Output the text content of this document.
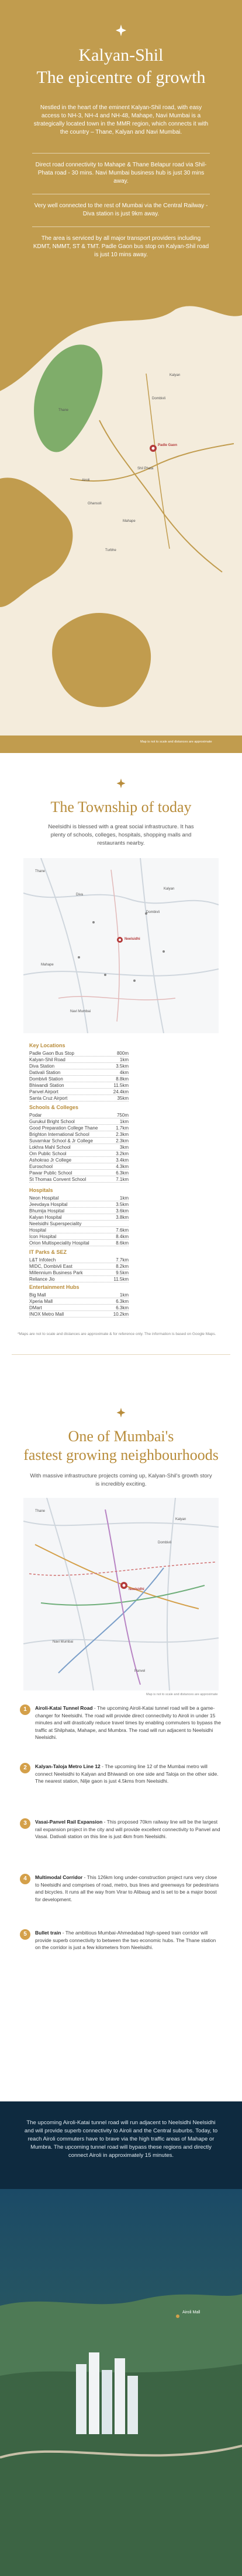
Kalyan-Shil
The epicentre of growth
Nestled in the heart of the eminent Kalyan-Shil road, with easy access to NH-3, NH-4 and NH-48, Mahape, Navi Mumbai is a strategically located town in the MMR region, which connects it with the country – Thane, Kalyan and Navi Mumbai.
Direct road connectivity to Mahape & Thane Belapur road via Shil-Phata road - 30 mins. Navi Mumbai business hub is just 30 mins away.
Very well connected to the rest of Mumbai via the Central Railway - Diva station is just 9km away.
The area is serviced by all major transport providers including KDMT, NMMT, ST & TMT. Padle Gaon bus stop on Kalyan-Shil road is just 10 mins away.
Kalyan
Dombivli
Padle Gaon
Shil Phata
Thane
Airoli
Ghansoli
Mahape
Turbhe
Map is not to scale and distances are approximate
The Township of today
Neelsidhi is blessed with a great social infrastructure. It has plenty of schools, colleges, hospitals, shopping malls and restaurants nearby.
Thane
Diva
Kalyan
Dombivli
Neelsidhi
Mahape
Navi Mumbai
Key Locations
Padle Gaon Bus Stop	800m
Kalyan-Shil Road	1km
Diva Station	3.5km
Dativali Station	4km
Dombivli Station	8.8km
Bhiwandi Station	11.5km
Panvel Airport	24.4km
Santa Cruz Airport	35km
Schools & Colleges
Podar	750m
Gurukul Bright School	1km
Good Preparation College Thane	1.7km
Brighton International School	2.3km
Suvarnkar School & Jr College	2.3km
Lokhra Mahl School	3km
Om Public School	3.2km
Ashokrao Jr College	3.4km
Euroschool	4.3km
Pawar Public School	6.3km
St Thomas Convent School	7.1km
Hospitals
Neon Hospital	1km
Jeevdaya Hospital	3.5km
Bhumija Hospital	3.6km
Kalyan Hospital	3.8km
Neelsidhi Superspeciality
Hospital	7.6km
Icon Hospital	8.4km
Orion Multispeciality Hospital	8.6km
IT Parks & SEZ
L&T Infotech	7.7km
MIDC, Dombivli East	8.2km
Millennium Business Park	9.5km
Reliance Jio	11.5km
Entertainment Hubs
Big Mall	1km
Xperia Mall	6.3km
DMart	6.3km
INOX Metro Mall	10.2km
*Maps are not to scale and distances are approximate & for reference only. The information is based on Google Maps.
One of Mumbai's
fastest growing neighbourhoods
With massive infrastructure projects coming up, Kalyan-Shil's growth story is incredibly exciting.
Thane
Kalyan
Dombivli
Neelsidhi
Navi Mumbai
Panvel
Map is not to scale and distances are approximate
1	Airoli-Katai Tunnel Road - The upcoming Airoli-Katai tunnel road will be a game-changer for Neelsidhi. The road will provide direct connectivity to Airoli in under 15 minutes and will drastically reduce travel times by enabling commuters to bypass the traffic at Shilphata, Mahape, and Mumbra. The road will run adjacent to Neelsidhi Neelsidhi.
2	Kalyan-Taloja Metro Line 12 - The upcoming line 12 of the Mumbai metro will connect Neelsidhi to Kalyan and Bhiwandi on one side and Taloja on the other side. The nearest station, Nilje gaon is just 4.5kms from Neelsidhi.
3	Vasai-Panvel Rail Expansion - This proposed 70km railway line will be the largest rail expansion project in the city and will provide excellent connectivity to Panvel and Vasai. Dativali station on this line is just 4km from Neelsidhi.
4	Multimodal Corridor - This 126km long under-construction project runs very close to Neelsidhi and comprises of road, metro, bus lines and greenways for pedestrians and bicycles. It runs all the way from Virar to Alibaug and is set to be a major boost for development.
5	Bullet train - The ambitious Mumbai-Ahmedabad high-speed train corridor will provide superb connectivity to between the two economic hubs. The Thane station on the corridor is just a few kilometers from Neelsidhi.
The upcoming Airoli-Katai tunnel road will run adjacent to Neelsidhi Neelsidhi and will provide superb connectivity to Airoli and the Central suburbs. Today, to reach Airoli commuters have to brave via the high traffic areas of Mahape or Mumbra. The upcoming tunnel road will bypass these regions and directly connect Airoli in approximately 15 minutes.
Airoli Mall
